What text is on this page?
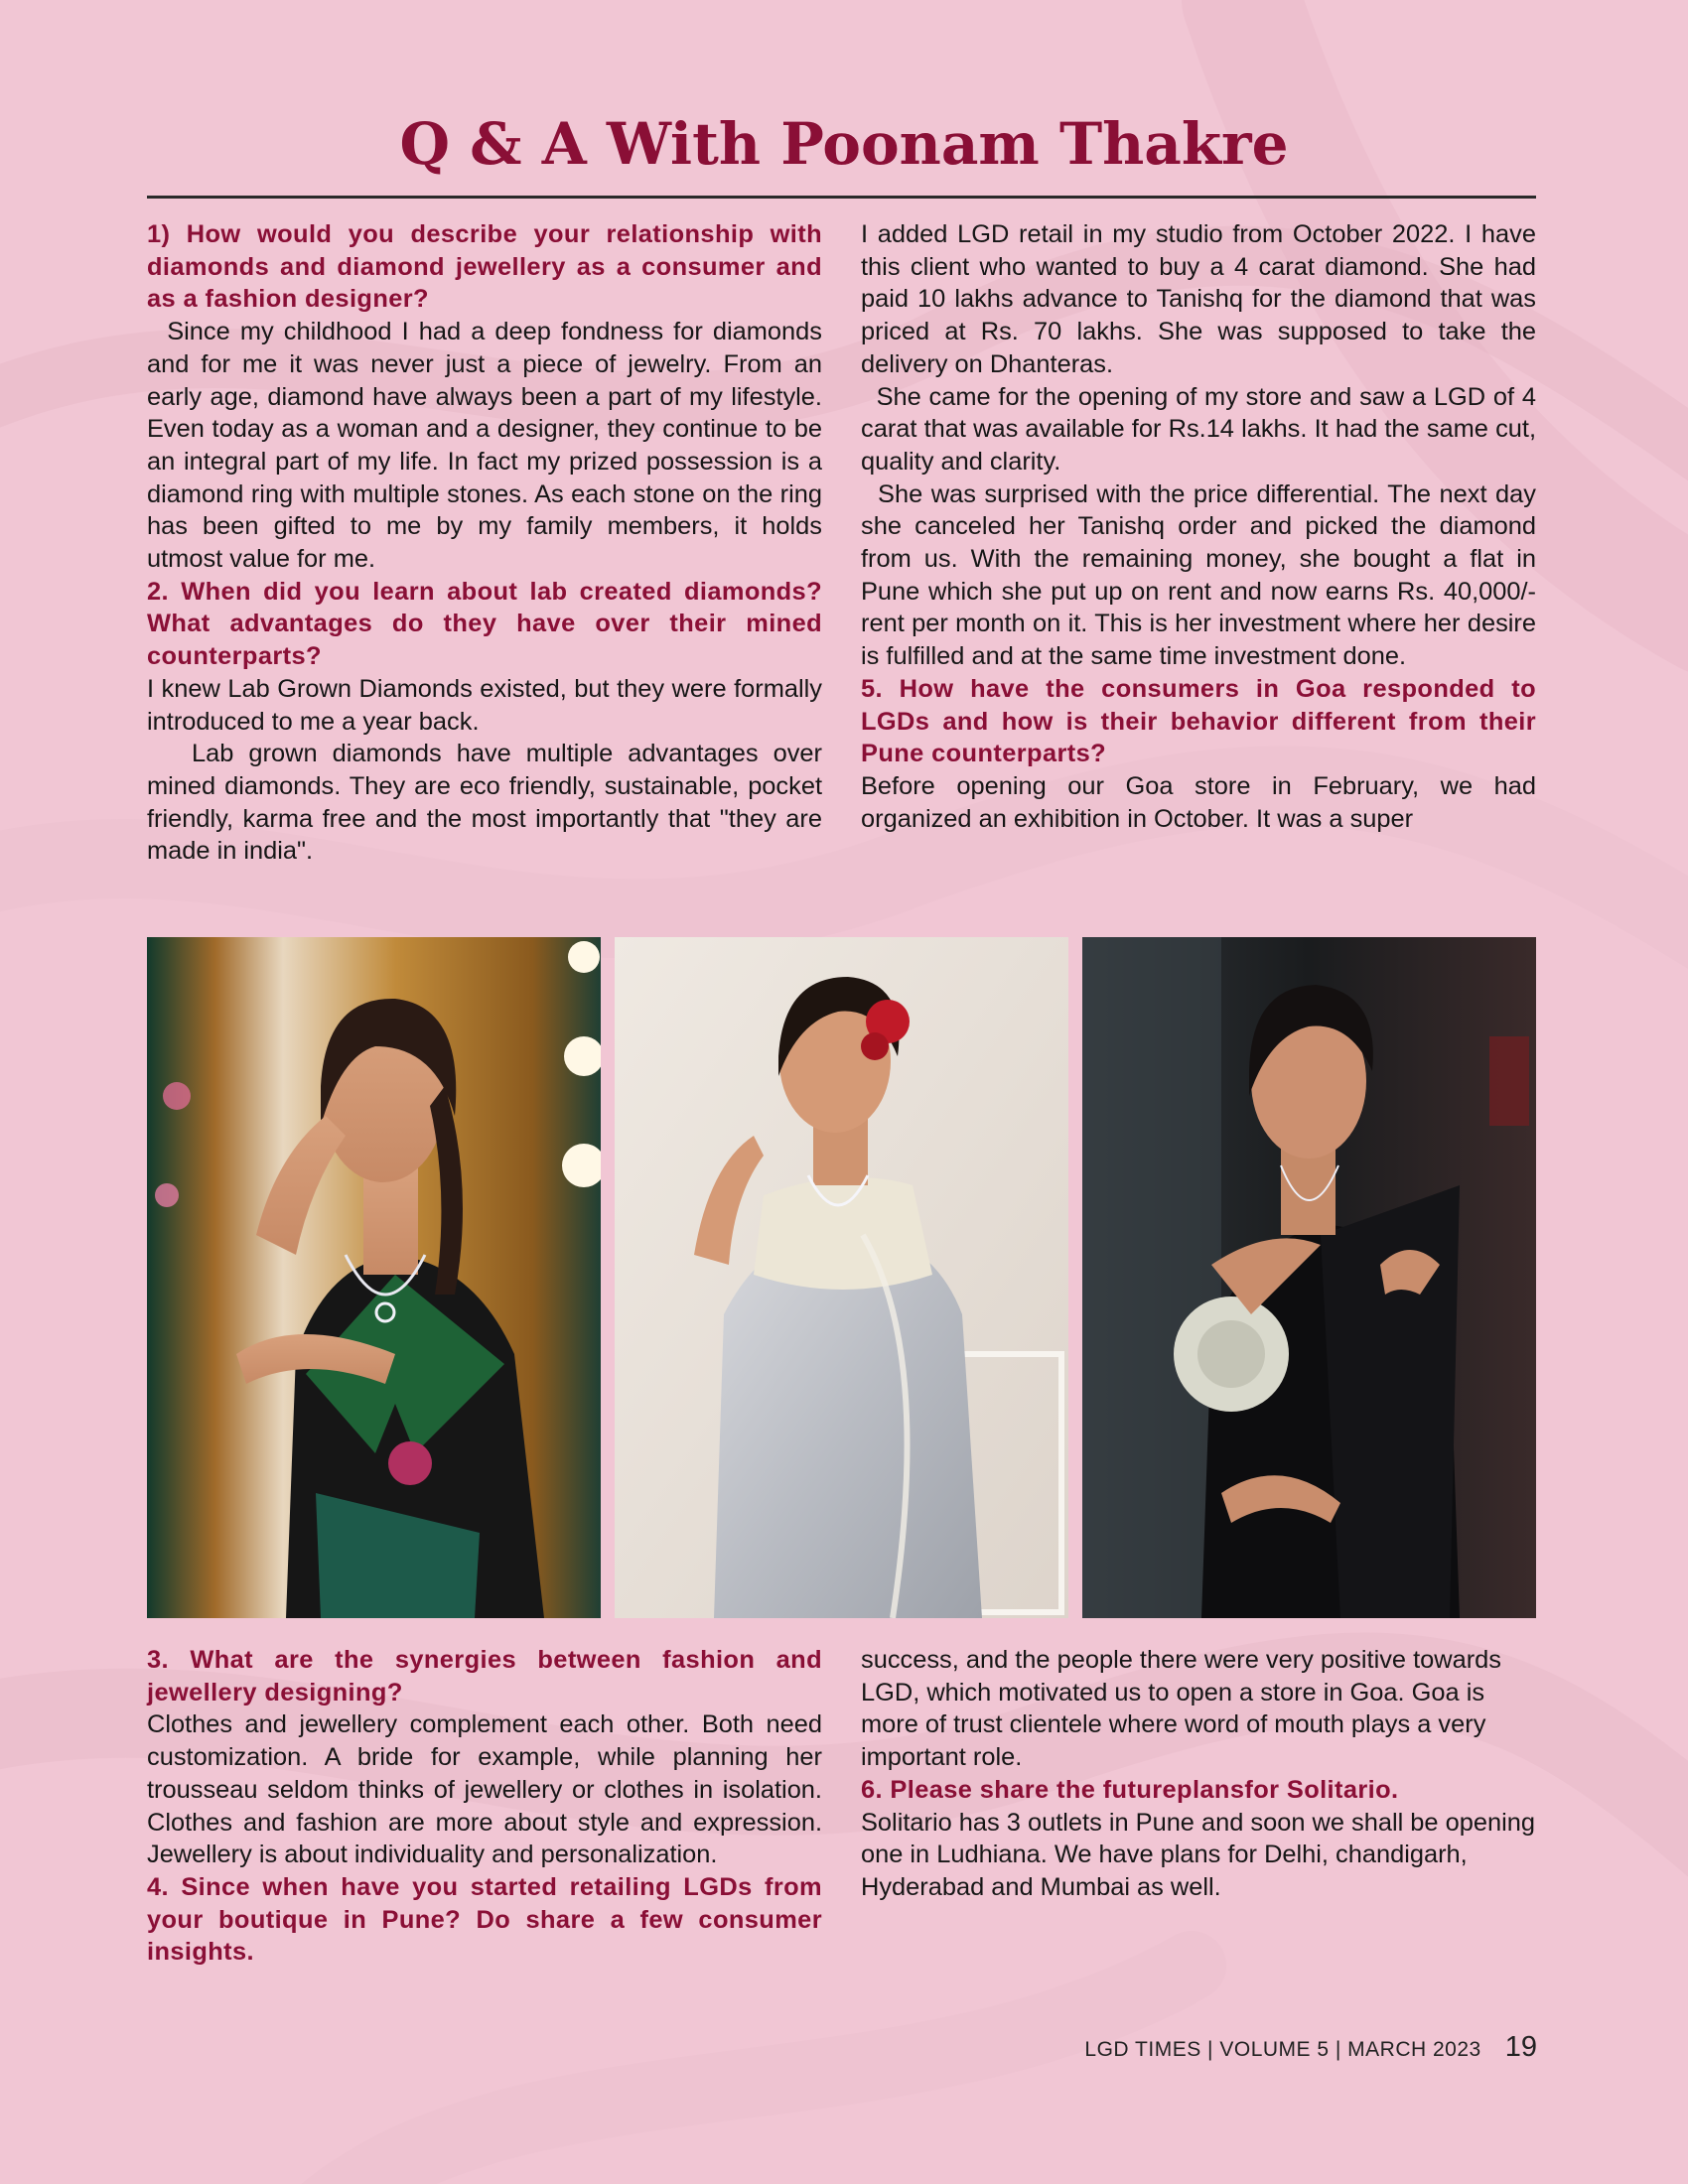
Q & A With Poonam Thakre

1) How would you describe your relationship with diamonds and diamond jewellery as a consumer and as a fashion designer?

Since my childhood I had a deep fondness for diamonds and for me it was never just a piece of jewelry. From an early age, diamond have always been a part of my lifestyle. Even today as a woman and a designer, they continue to be an integral part of my life. In fact my prized possession is a diamond ring with multiple stones. As each stone on the ring has been gifted to me by my family members, it holds utmost value for me.

2. When did you learn about lab created diamonds? What advantages do they have over their mined counterparts?

I knew Lab Grown Diamonds existed, but they were formally introduced to me a year back.

Lab grown diamonds have multiple advantages over mined diamonds. They are eco friendly, sustainable, pocket friendly, karma free and the most importantly that "they are made in india".

I added LGD retail in my studio from October 2022. I have this client who wanted to buy a 4 carat diamond. She had paid 10 lakhs advance to Tanishq for the diamond that was priced at Rs. 70 lakhs. She was supposed to take the delivery on Dhanteras.

She came for the opening of my store and saw a LGD of 4 carat that was available for Rs.14 lakhs. It had the same cut, quality and clarity.

She was surprised with the price differential. The next day she canceled her Tanishq order and picked the diamond from us. With the remaining money, she bought a flat in Pune which she put up on rent and now earns Rs. 40,000/- rent per month on it. This is her investment where her desire is fulfilled and at the same time investment done.

5. How have the consumers in Goa responded to LGDs and how is their behavior different from their Pune counterparts?

Before opening our Goa store in February, we had organized an exhibition in October. It was a super

3. What are the synergies between fashion and jewellery designing?

Clothes and jewellery complement each other. Both need customization. A bride for example, while planning her trousseau seldom thinks of jewellery or clothes in isolation. Clothes and fashion are more about style and expression. Jewellery is about individuality and personalization.

4. Since when have you started retailing LGDs from your boutique in Pune? Do share a few consumer insights.

success, and the people there were very positive towards LGD, which motivated us to open a store in Goa. Goa is more of trust clientele where word of mouth plays a very important role.

6. Please share the futureplansfor Solitario.

Solitario has 3 outlets in Pune and soon we shall be opening one in Ludhiana. We have plans for Delhi, chandigarh, Hyderabad and Mumbai as well.

LGD TIMES | VOLUME 5 | MARCH 2023 19
